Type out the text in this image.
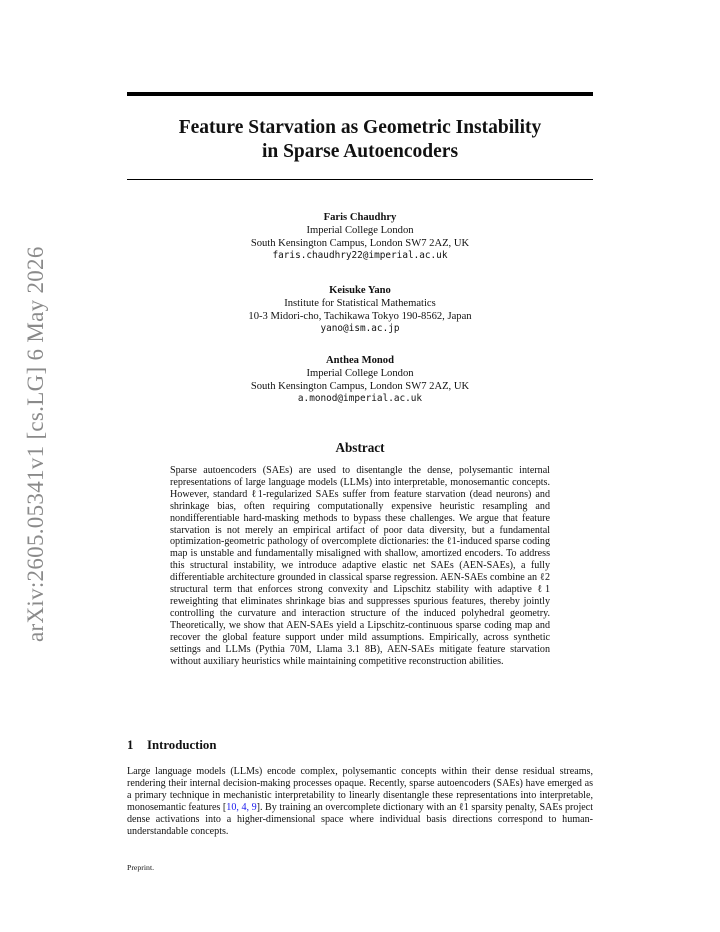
arXiv:2605.05341v1 [cs.LG] 6 May 2026
Feature Starvation as Geometric Instability
in Sparse Autoencoders
Faris Chaudhry
Imperial College London
South Kensington Campus, London SW7 2AZ, UK
faris.chaudhry22@imperial.ac.uk
Keisuke Yano
Institute for Statistical Mathematics
10-3 Midori-cho, Tachikawa Tokyo 190-8562, Japan
yano@ism.ac.jp
Anthea Monod
Imperial College London
South Kensington Campus, London SW7 2AZ, UK
a.monod@imperial.ac.uk
Abstract
Sparse autoencoders (SAEs) are used to disentangle the dense, polysemantic internal representations of large language models (LLMs) into interpretable, monosemantic concepts. However, standard ℓ1-regularized SAEs suffer from feature starvation (dead neurons) and shrinkage bias, often requiring computationally expensive heuristic resampling and nondifferentiable hard-masking methods to bypass these challenges. We argue that feature starvation is not merely an empirical artifact of poor data diversity, but a fundamental optimization-geometric pathology of overcomplete dictionaries: the ℓ1-induced sparse coding map is unstable and fundamentally misaligned with shallow, amortized encoders. To address this structural instability, we introduce adaptive elastic net SAEs (AEN-SAEs), a fully differentiable architecture grounded in classical sparse regression. AEN-SAEs combine an ℓ2 structural term that enforces strong convexity and Lipschitz stability with adaptive ℓ1 reweighting that eliminates shrinkage bias and suppresses spurious features, thereby jointly controlling the curvature and interaction structure of the induced polyhedral geometry. Theoretically, we show that AEN-SAEs yield a Lipschitz-continuous sparse coding map and recover the global feature support under mild assumptions. Empirically, across synthetic settings and LLMs (Pythia 70M, Llama 3.1 8B), AEN-SAEs mitigate feature starvation without auxiliary heuristics while maintaining competitive reconstruction abilities.
1 Introduction
Large language models (LLMs) encode complex, polysemantic concepts within their dense residual streams, rendering their internal decision-making processes opaque. Recently, sparse autoencoders (SAEs) have emerged as a primary technique in mechanistic interpretability to linearly disentangle these representations into interpretable, monosemantic features [10, 4, 9]. By training an overcomplete dictionary with an ℓ1 sparsity penalty, SAEs project dense activations into a higher-dimensional space where individual basis directions correspond to human-understandable concepts.
Preprint.
